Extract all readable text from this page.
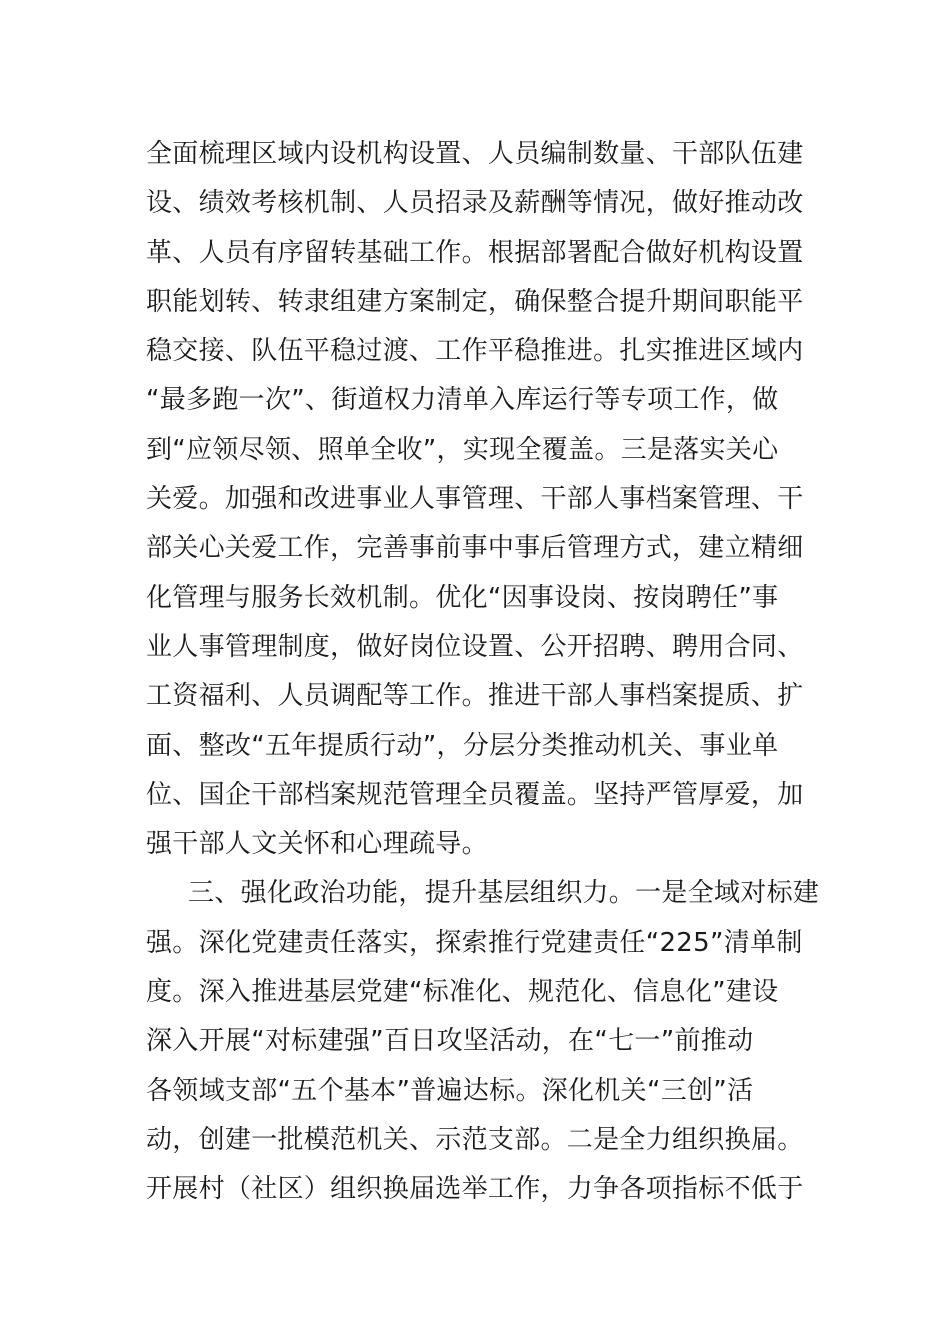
全面梳理区域内设机构设置、人员编制数量、干部队伍建
设、绩效考核机制、人员招录及薪酬等情况，做好推动改
革、人员有序留转基础工作。根据部署配合做好机构设置
职能划转、转隶组建方案制定，确保整合提升期间职能平
稳交接、队伍平稳过渡、工作平稳推进。扎实推进区域内
“最多跑一次”、街道权力清单入库运行等专项工作，做
到“应领尽领、照单全收”，实现全覆盖。三是落实关心
关爱。加强和改进事业人事管理、干部人事档案管理、干
部关心关爱工作，完善事前事中事后管理方式，建立精细
化管理与服务长效机制。优化“因事设岗、按岗聘任”事
业人事管理制度，做好岗位设置、公开招聘、聘用合同、
工资福利、人员调配等工作。推进干部人事档案提质、扩
面、整改“五年提质行动”，分层分类推动机关、事业单
位、国企干部档案规范管理全员覆盖。坚持严管厚爱，加
强干部人文关怀和心理疏导。
三、强化政治功能，提升基层组织力。一是全域对标建
强。深化党建责任落实，探索推行党建责任“225”清单制
度。深入推进基层党建“标准化、规范化、信息化”建设
深入开展“对标建强”百日攻坚活动，在“七一”前推动
各领域支部“五个基本”普遍达标。深化机关“三创”活
动，创建一批模范机关、示范支部。二是全力组织换届。
开展村（社区）组织换届选举工作，力争各项指标不低于
